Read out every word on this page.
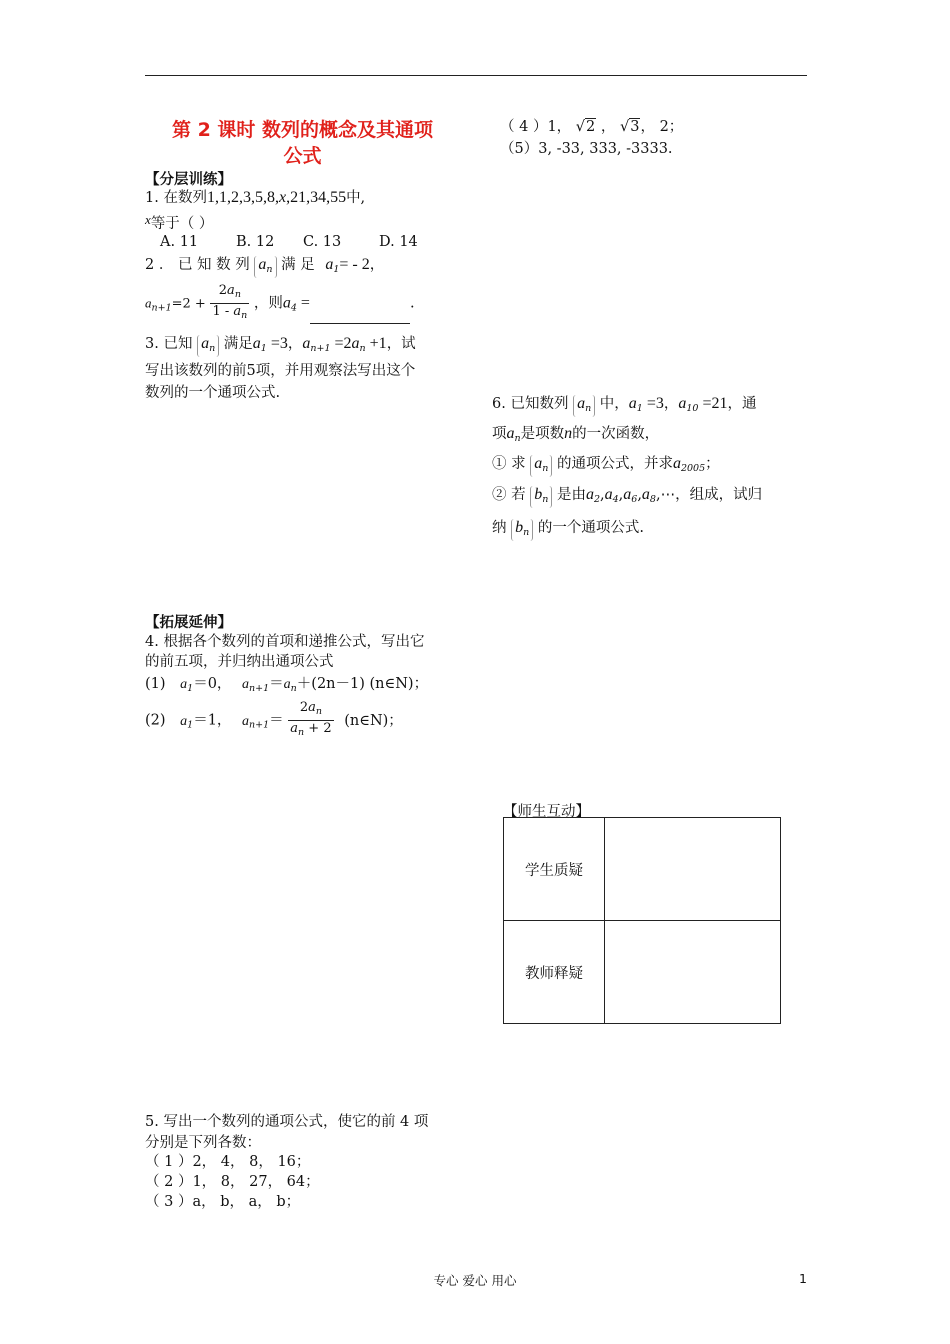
第 2 课时 数列的概念及其通项
公式
【分层训练】
1. 在数列1,1,2,3,5,8,x,21,34,55中,
x等于（ ）
A. 11	B. 12 C. 13	D. 14
2 ． 已 知 数 列 $a_n$ 满 足 $a_1= - 2$，
$a_{n+1}=2 + \frac{2a_n}{1 - a_n}$ ，则$a_4$ =	.
3. 已知 $a_n$ 满足$a_1 =3$，$a_{n+1} =2a_n +1$，试
写出该数列的前5项，并用观察法写出这个
数列的一个通项公式.
（ 4 ）1， √2 ， √3， 2；
（5）3, -33, 333, -3333.
6. 已知数列 $a_n$ 中，$a_1 =3$，$a_{10} =21$，通
项$a_n$是项数n的一次函数，
① 求 $a_n$ 的通项公式，并求$a_{2005}$；
② 若 $b_n$ 是由$a_2,a_4,a_6,a_8,\cdots$，组成，试归
纳 $b_n$ 的一个通项公式.
【拓展延伸】
4. 根据各个数列的首项和递推公式，写出它
的前五项，并归纳出通项公式
(1) $a_1=0$， $a_{n+1}=a_n+(2n-1)$ (n∈N)；
(2) $a_1=1$， $a_{n+1}= \frac{2a_n}{a_n + 2}$ (n∈N)；
【师生互动】
学生质疑	
教师释疑	
5. 写出一个数列的通项公式，使它的前 4 项
分别是下列各数：
（ 1 ）2， 4， 8， 16；
（ 2 ）1， 8， 27， 64；
（ 3 ）a， b， a， b；
专心 爱心 用心	1
